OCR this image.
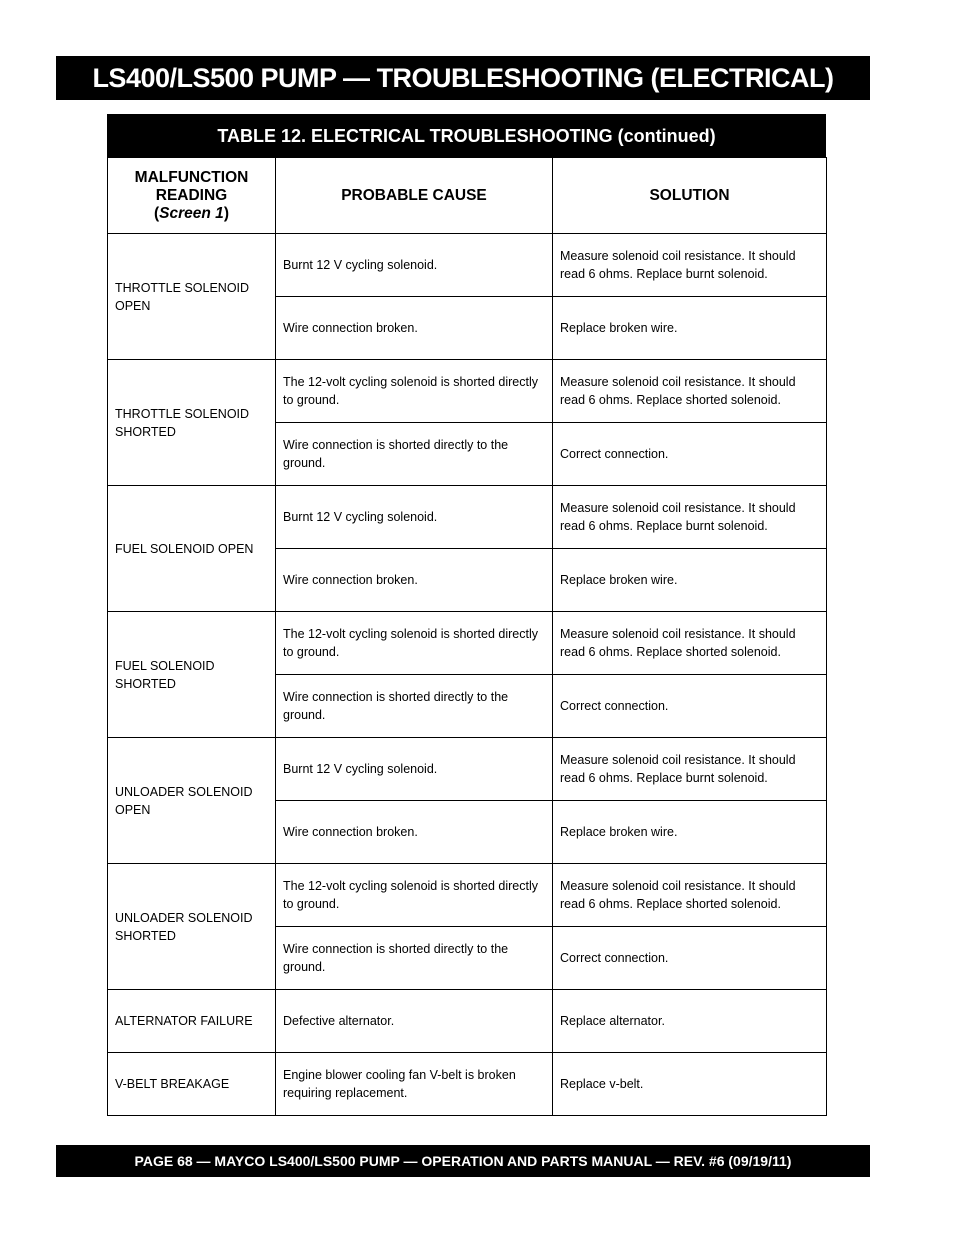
LS400/LS500 PUMP — TROUBLESHOOTING (ELECTRICAL)
TABLE 12. ELECTRICAL TROUBLESHOOTING (continued)
MALFUNCTION
READING
(Screen 1)	PROBABLE CAUSE	SOLUTION
THROTTLE SOLENOID OPEN	Burnt 12 V cycling solenoid.	Measure solenoid coil resistance. It should read 6 ohms. Replace burnt solenoid.
	Wire connection broken.	Replace broken wire.
THROTTLE SOLENOID SHORTED	The 12-volt cycling solenoid is shorted directly to ground.	Measure solenoid coil resistance. It should read 6 ohms. Replace shorted solenoid.
	Wire connection is shorted directly to the ground.	Correct connection.
FUEL SOLENOID OPEN	Burnt 12 V cycling solenoid.	Measure solenoid coil resistance. It should read 6 ohms. Replace burnt solenoid.
	Wire connection broken.	Replace broken wire.
FUEL SOLENOID SHORTED	The 12-volt cycling solenoid is shorted directly to ground.	Measure solenoid coil resistance. It should read 6 ohms. Replace shorted solenoid.
	Wire connection is shorted directly to the ground.	Correct connection.
UNLOADER SOLENOID OPEN	Burnt 12 V cycling solenoid.	Measure solenoid coil resistance. It should read 6 ohms. Replace burnt solenoid.
	Wire connection broken.	Replace broken wire.
UNLOADER SOLENOID SHORTED	The 12-volt cycling solenoid is shorted directly to ground.	Measure solenoid coil resistance. It should read 6 ohms. Replace shorted solenoid.
	Wire connection is shorted directly to the ground.	Correct connection.
ALTERNATOR FAILURE	Defective alternator.	Replace alternator.
V-BELT BREAKAGE	Engine blower cooling fan V-belt is broken requiring replacement.	Replace v-belt.
PAGE 68 — MAYCO LS400/LS500 PUMP — OPERATION AND PARTS MANUAL — REV. #6 (09/19/11)
